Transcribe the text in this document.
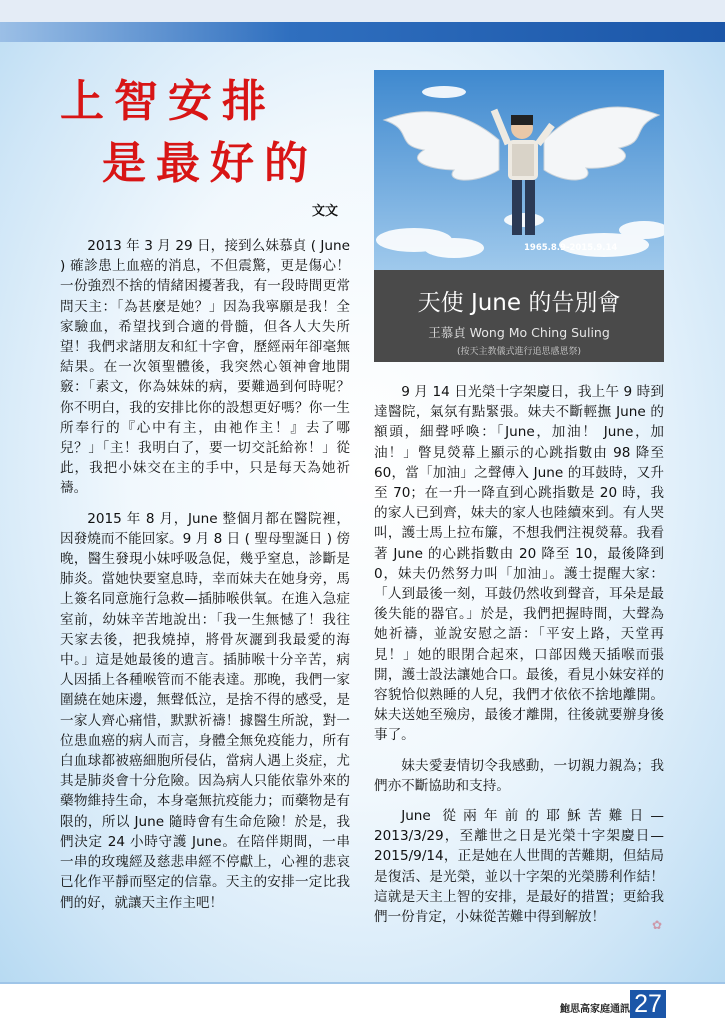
上智安排
是最好的
文文
1965.8.9-2015.9.14
天使 June 的告別會
王慕貞 Wong Mo Ching Suling
(按天主教儀式進行追思感恩祭)

2013 年 3 月 29 日，接到么妹慕貞 ( June ) 確診患上血癌的消息，不但震驚，更是傷心！一份強烈不捨的情緒困擾著我，有一段時間更常問天主：「為甚麼是她？」因為我寧願是我！全家驗血，希望找到合適的骨髓，但各人大失所望！我們求諸朋友和紅十字會，歷經兩年卻毫無結果。在一次領聖體後，我突然心領神會地開竅：「素文，你為妹妹的病，要難過到何時呢？你不明白，我的安排比你的設想更好嗎？你一生所奉行的『心中有主，由祂作主！』去了哪兒？」「主！我明白了，要一切交託給祢！」從此，我把小妹交在主的手中，只是每天為她祈禱。

2015 年 8 月，June 整個月都在醫院裡，因發燒而不能回家。9 月 8 日 ( 聖母聖誕日 ) 傍晚，醫生發現小妹呼吸急促，幾乎窒息，診斷是肺炎。當她快要窒息時，幸而妹夫在她身旁，馬上簽名同意施行急救—插肺喉供氧。在進入急症室前，幼妹辛苦地說出：「我一生無憾了！我往天家去後，把我燒掉，將骨灰灑到我最愛的海中。」這是她最後的遺言。插肺喉十分辛苦，病人因插上各種喉管而不能表達。那晚，我們一家圍繞在她床邊，無聲低泣，是捨不得的感受，是一家人齊心痛惜，默默祈禱！據醫生所說，對一位患血癌的病人而言，身體全無免疫能力，所有白血球都被癌細胞所侵佔，當病人遇上炎症，尤其是肺炎會十分危險。因為病人只能依靠外來的藥物維持生命，本身毫無抗疫能力；而藥物是有限的，所以 June 隨時會有生命危險！於是，我們決定 24 小時守護 June。在陪伴期間，一串一串的玫瑰經及慈悲串經不停獻上，心裡的悲哀已化作平靜而堅定的信靠。天主的安排一定比我們的好，就讓天主作主吧！

9 月 14 日光榮十字架慶日，我上午 9 時到達醫院，氣氛有點緊張。妹夫不斷輕撫 June 的額頭，細聲呼喚：「June，加油！ June，加油！」瞥見熒幕上顯示的心跳指數由 98 降至 60，當「加油」之聲傳入 June 的耳鼓時，又升至 70；在一升一降直到心跳指數是 20 時，我的家人已到齊，妹夫的家人也陸續來到。有人哭叫，護士馬上拉布簾，不想我們注視熒幕。我看著 June 的心跳指數由 20 降至 10，最後降到 0，妹夫仍然努力叫「加油」。護士提醒大家：「人到最後一刻，耳鼓仍然收到聲音，耳朵是最後失能的器官。」於是，我們把握時間，大聲為她祈禱，並說安慰之語：「平安上路，天堂再見！」她的眼閉合起來，口部因幾天插喉而張開，護士設法讓她合口。最後，看見小妹安祥的容貌恰似熟睡的人兒，我們才依依不捨地離開。妹夫送她至殮房，最後才離開，往後就要辦身後事了。

妹夫愛妻情切令我感動，一切親力親為；我們亦不斷協助和支持。

June 從兩年前的耶穌苦難日—2013/3/29，至離世之日是光榮十字架慶日—2015/9/14，正是她在人世間的苦難期，但結局是復活、是光榮，並以十字架的光榮勝利作結！這就是天主上智的安排，是最好的措置；更給我們一份肯定，小妹從苦難中得到解放！	✿
鮑思高家庭通訊 27
